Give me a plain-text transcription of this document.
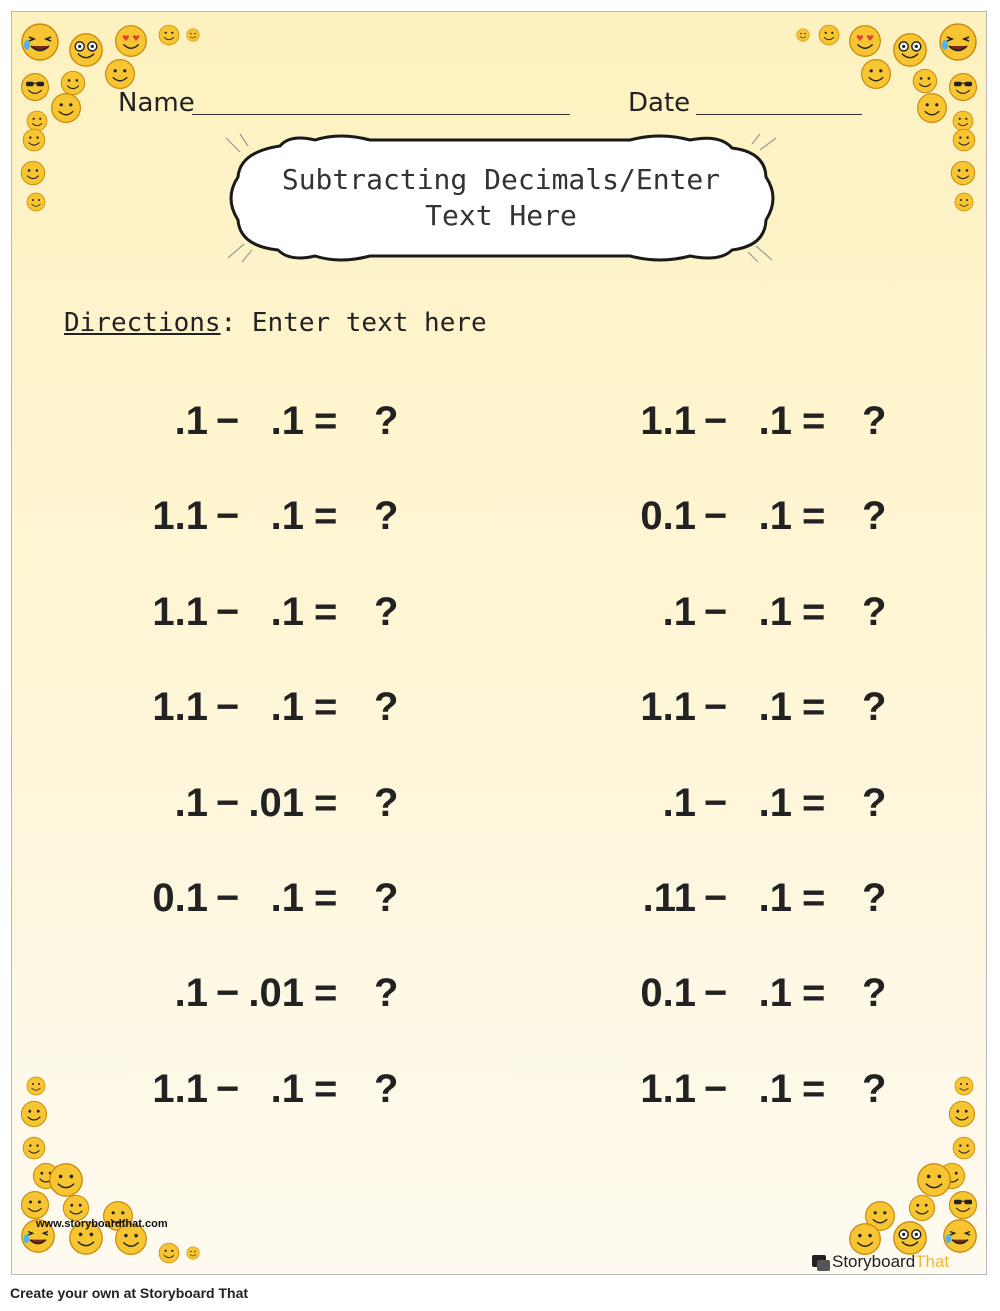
Name	Date
Subtracting Decimals/Enter
Text Here
Directions: Enter text here
.1 − .1 = ?
1.1 − .1 = ?
1.1 − .1 = ?
1.1 − .1 = ?
.1 − .01 = ?
0.1 − .1 = ?
.1 − .01 = ?
1.1 − .1 = ?
1.1 − .1 = ?
0.1 − .1 = ?
.1 − .1 = ?
1.1 − .1 = ?
.1 − .1 = ?
.11 − .1 = ?
0.1 − .1 = ?
1.1 − .1 = ?
www.storyboardthat.com
StoryboardThat
Create your own at Storyboard That
